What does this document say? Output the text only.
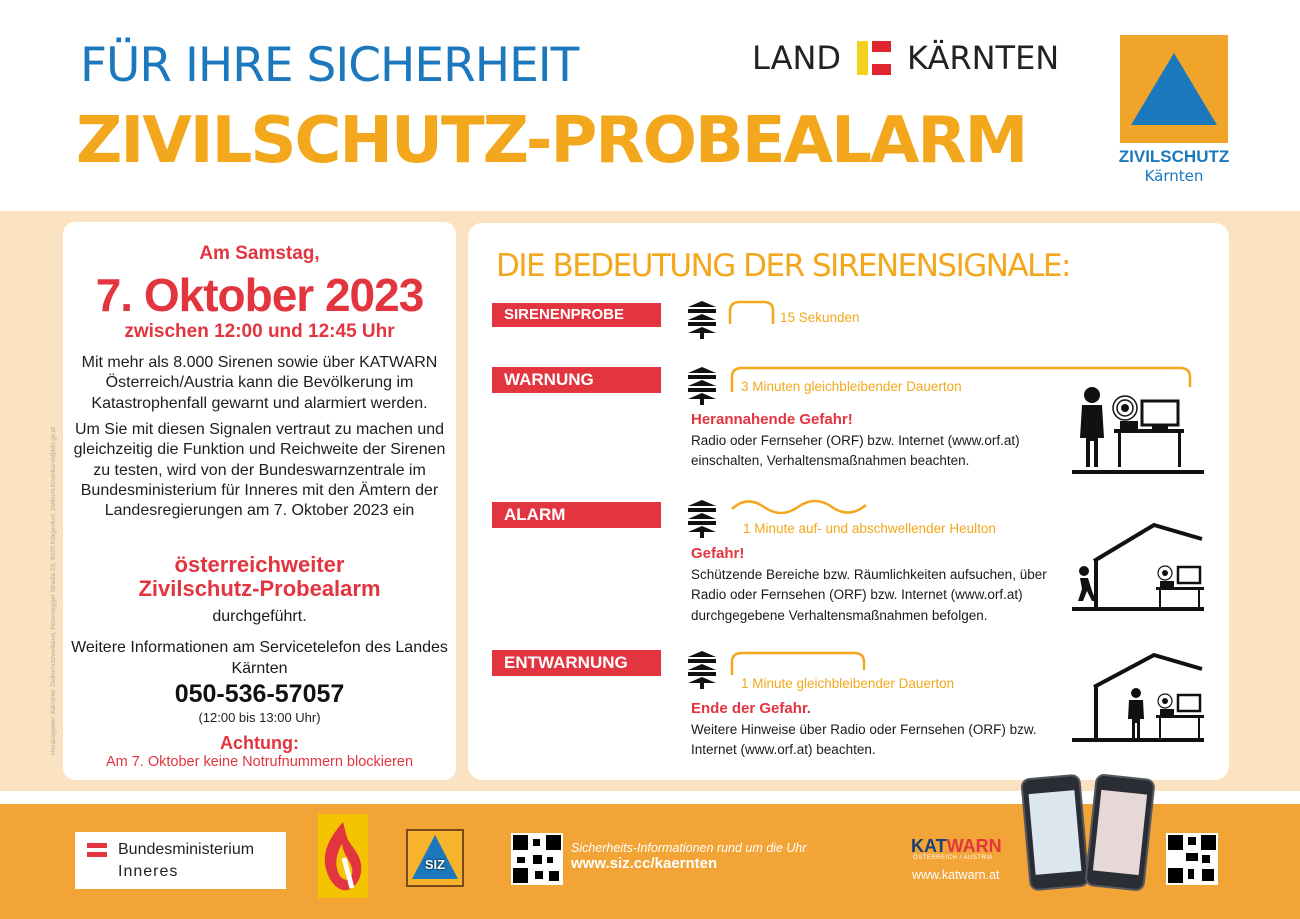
FÜR IHRE SICHERHEIT
ZIVILSCHUTZ-PROBEALARM
LAND KÄRNTEN
ZIVILSCHUTZ
Kärnten
Herausgeber: Kärntner Zivilschutzverband, Rosenegger Straße 20, 9020 Klagenfurt, zivilschutzverband@ktn.gv.at
Am Samstag,
7. Oktober 2023
zwischen 12:00 und 12:45 Uhr
Mit mehr als 8.000 Sirenen sowie über KATWARN Österreich/Austria kann die Bevölkerung im Katastrophenfall gewarnt und alarmiert werden.
Um Sie mit diesen Signalen vertraut zu machen und gleichzeitig die Funktion und Reichweite der Sirenen zu testen, wird von der Bundeswarnzentrale im Bundesministerium für Inneres mit den Ämtern der Landesregierungen am 7. Oktober 2023 ein
österreichweiter
Zivilschutz-Probealarm
durchgeführt.
Weitere Informationen am Servicetelefon des Landes Kärnten
050-536-57057
(12:00 bis 13:00 Uhr)
Achtung:
Am 7. Oktober keine Notrufnummern blockieren
DIE BEDEUTUNG DER SIRENENSIGNALE:
SIRENENPROBE	15 Sekunden
WARNUNG	3 Minuten gleichbleibender Dauerton
Herannahende Gefahr!
Radio oder Fernseher (ORF) bzw. Internet (www.orf.at) einschalten, Verhaltensmaßnahmen beachten.
ALARM
1 Minute auf- und abschwellender Heulton
Gefahr!
Schützende Bereiche bzw. Räumlichkeiten aufsuchen, über Radio oder Fernsehen (ORF) bzw. Internet (www.orf.at) durchgegebene Verhaltensmaßnahmen befolgen.
ENTWARNUNG
1 Minute gleichbleibender Dauerton
Ende der Gefahr.
Weitere Hinweise über Radio oder Fernsehen (ORF) bzw. Internet (www.orf.at) beachten.
Bundesministerium
Inneres	SIZ
Sicherheits-Informationen rund um die Uhr
www.siz.cc/kaernten
KATWARN
ÖSTERREICH / AUSTRIA
www.katwarn.at
